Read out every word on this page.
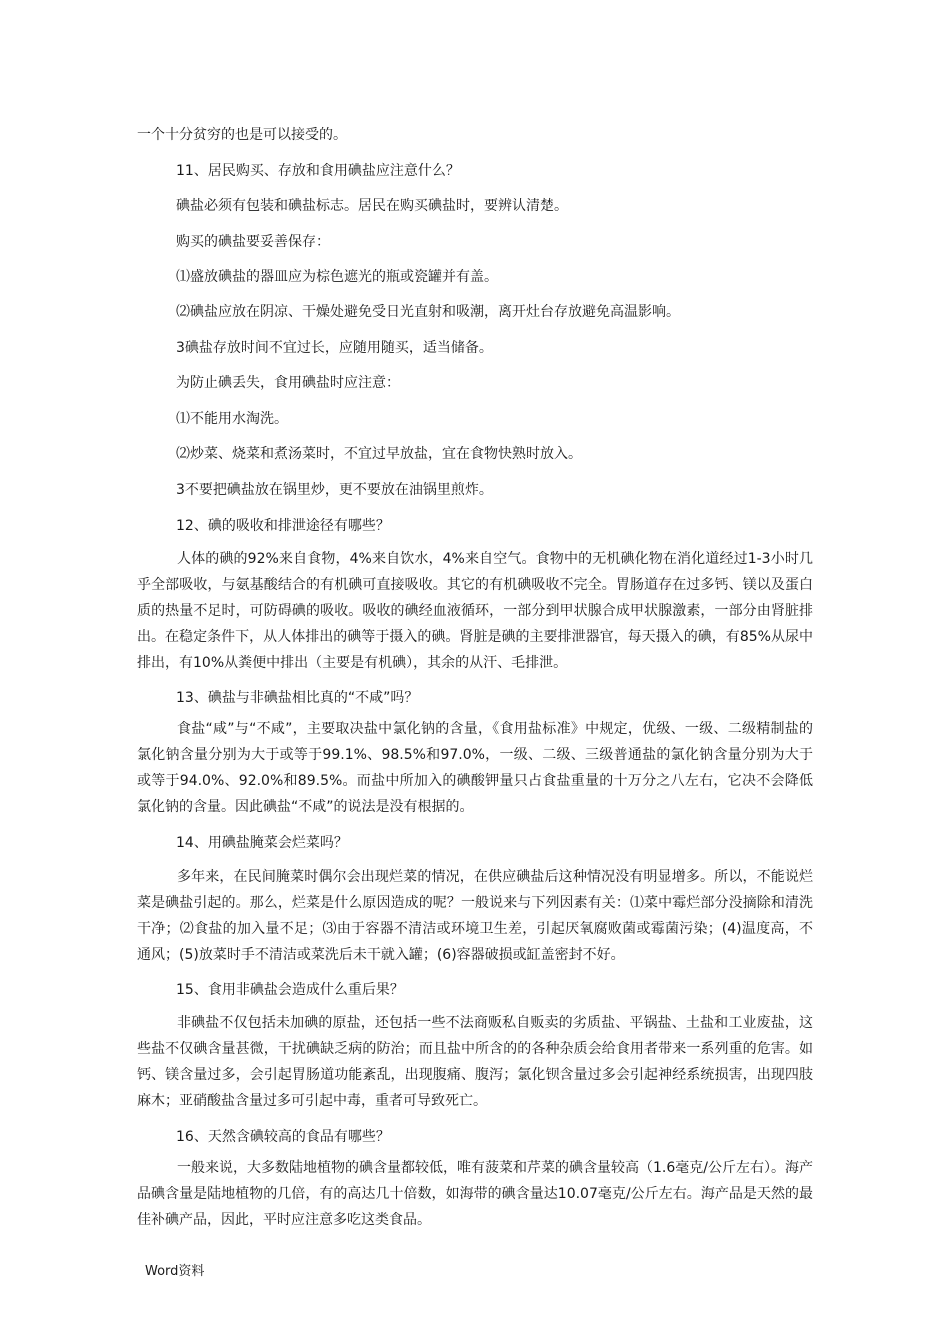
一个十分贫穷的也是可以接受的。
11、居民购买、存放和食用碘盐应注意什么？
碘盐必须有包装和碘盐标志。居民在购买碘盐时，要辨认清楚。
购买的碘盐要妥善保存：
⑴盛放碘盐的器皿应为棕色遮光的瓶或瓷罐并有盖。
⑵碘盐应放在阴凉、干燥处避免受日光直射和吸潮，离开灶台存放避免高温影响。
3碘盐存放时间不宜过长，应随用随买，适当储备。
为防止碘丢失，食用碘盐时应注意：
⑴不能用水淘洗。
⑵炒菜、烧菜和煮汤菜时，不宜过早放盐，宜在食物快熟时放入。
3不要把碘盐放在锅里炒，更不要放在油锅里煎炸。
12、碘的吸收和排泄途径有哪些？
人体的碘的92%来自食物，4%来自饮水，4%来自空气。食物中的无机碘化物在消化道经过1-3小时几乎全部吸收，与氨基酸结合的有机碘可直接吸收。其它的有机碘吸收不完全。胃肠道存在过多钙、镁以及蛋白质的热量不足时，可防碍碘的吸收。吸收的碘经血液循环，一部分到甲状腺合成甲状腺激素，一部分由肾脏排出。在稳定条件下，从人体排出的碘等于摄入的碘。肾脏是碘的主要排泄器官，每天摄入的碘，有85%从尿中排出，有10%从粪便中排出（主要是有机碘），其余的从汗、毛排泄。
13、碘盐与非碘盐相比真的“不咸”吗？
食盐“咸”与“不咸”，主要取决盐中氯化钠的含量，《食用盐标准》中规定，优级、一级、二级精制盐的氯化钠含量分别为大于或等于99.1%、98.5%和97.0%，一级、二级、三级普通盐的氯化钠含量分别为大于或等于94.0%、92.0%和89.5%。而盐中所加入的碘酸钾量只占食盐重量的十万分之八左右，它决不会降低氯化钠的含量。因此碘盐“不咸”的说法是没有根据的。
14、用碘盐腌菜会烂菜吗？
多年来，在民间腌菜时偶尔会出现烂菜的情况，在供应碘盐后这种情况没有明显增多。所以，不能说烂菜是碘盐引起的。那么，烂菜是什么原因造成的呢？一般说来与下列因素有关：⑴菜中霉烂部分没摘除和清洗干净；⑵食盐的加入量不足；⑶由于容器不清洁或环境卫生差，引起厌氧腐败菌或霉菌污染；(4)温度高，不通风；(5)放菜时手不清洁或菜洗后未干就入罐；(6)容器破损或缸盖密封不好。
15、食用非碘盐会造成什么重后果？
非碘盐不仅包括未加碘的原盐，还包括一些不法商贩私自贩卖的劣质盐、平锅盐、土盐和工业废盐，这些盐不仅碘含量甚微，干扰碘缺乏病的防治；而且盐中所含的的各种杂质会给食用者带来一系列重的危害。如钙、镁含量过多，会引起胃肠道功能紊乱，出现腹痛、腹泻；氯化钡含量过多会引起神经系统损害，出现四肢麻木；亚硝酸盐含量过多可引起中毒，重者可导致死亡。
16、天然含碘较高的食品有哪些？
一般来说，大多数陆地植物的碘含量都较低，唯有菠菜和芹菜的碘含量较高（1.6毫克/公斤左右）。海产品碘含量是陆地植物的几倍，有的高达几十倍数，如海带的碘含量达10.07毫克/公斤左右。海产品是天然的最佳补碘产品，因此，平时应注意多吃这类食品。
Word资料
